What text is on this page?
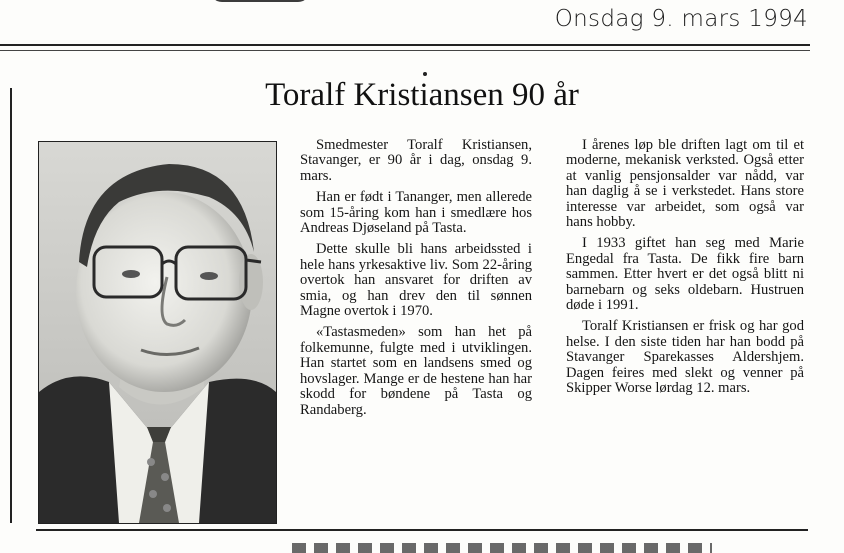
Onsdag 9. mars 1994
Toralf Kristiansen 90 år

Smedmester Toralf Kristiansen, Stavanger, er 90 år i dag, onsdag 9. mars.

Han er født i Tananger, men allerede som 15-åring kom han i smedlære hos Andreas Djøseland på Tasta.

Dette skulle bli hans arbeidssted i hele hans yrkesaktive liv. Som 22-åring overtok han ansvaret for driften av smia, og han drev den til sønnen Magne overtok i 1970.

«Tastasmeden» som han het på folkemunne, fulgte med i utviklingen. Han startet som en landsens smed og hovslager. Mange er de hestene han har skodd for bøndene på Tasta og Randaberg.

I årenes løp ble driften lagt om til et moderne, mekanisk verksted. Også etter at vanlig pensjonsalder var nådd, var han daglig å se i verkstedet. Hans store interesse var arbeidet, som også var hans hobby.

I 1933 giftet han seg med Marie Engedal fra Tasta. De fikk fire barn sammen. Etter hvert er det også blitt ni barnebarn og seks oldebarn. Hustruen døde i 1991.

Toralf Kristiansen er frisk og har god helse. I den siste tiden har han bodd på Stavanger Sparekasses Aldershjem. Dagen feires med slekt og venner på Skipper Worse lørdag 12. mars.
